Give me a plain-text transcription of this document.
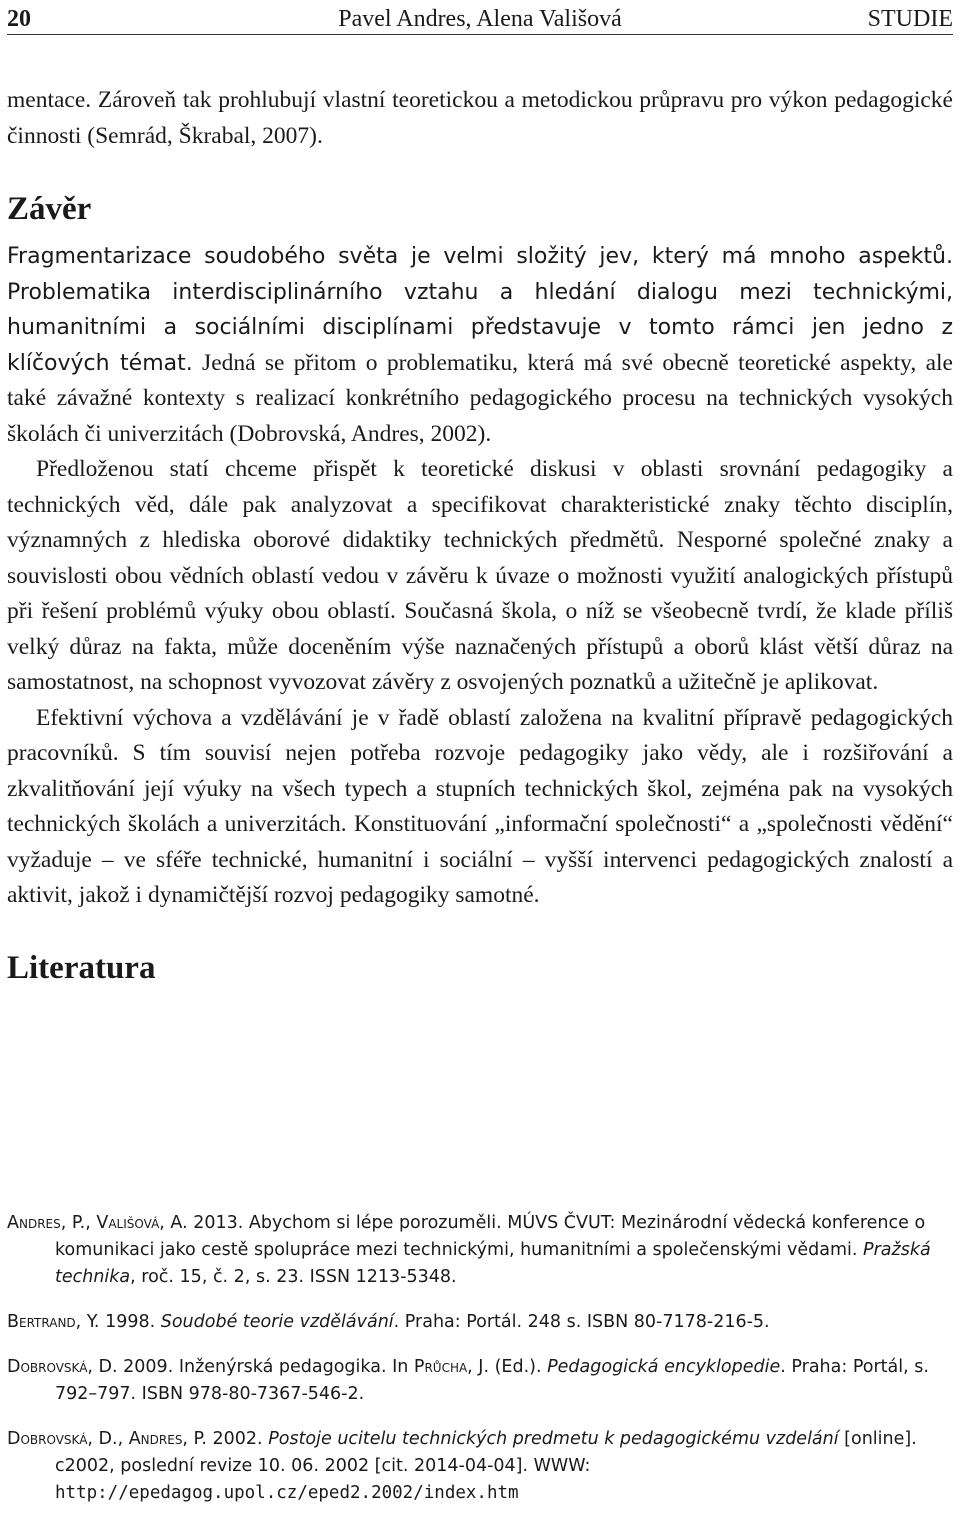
20	Pavel Andres, Alena Vališová	STUDIE

mentace. Zároveň tak prohlubují vlastní teoretickou a metodickou průpravu pro výkon pedagogické činnosti (Semrád, Škrabal, 2007).

Závěr

Fragmentarizace soudobého světa je velmi složitý jev, který má mnoho aspektů. Problematika interdisciplinárního vztahu a hledání dialogu mezi technickými, humanitními a sociálními disciplínami představuje v tomto rámci jen jedno z klíčových témat. Jedná se přitom o problematiku, která má své obecně teoretické aspekty, ale také závažné kontexty s realizací konkrétního pedagogického procesu na technických vysokých školách či univerzitách (Dobrovská, Andres, 2002).

Předloženou statí chceme přispět k teoretické diskusi v oblasti srovnání pedagogiky a technických věd, dále pak analyzovat a specifikovat charakteristické znaky těchto disciplín, významných z hlediska oborové didaktiky technických předmětů. Nesporné společné znaky a souvislosti obou vědních oblastí vedou v závěru k úvaze o možnosti využití analogických přístupů při řešení problémů výuky obou oblastí. Současná škola, o níž se všeobecně tvrdí, že klade příliš velký důraz na fakta, může doceněním výše naznačených přístupů a oborů klást větší důraz na samostatnost, na schopnost vyvozovat závěry z osvojených poznatků a užitečně je aplikovat.

Efektivní výchova a vzdělávání je v řadě oblastí založena na kvalitní přípravě pedagogických pracovníků. S tím souvisí nejen potřeba rozvoje pedagogiky jako vědy, ale i rozšiřování a zkvalitňování její výuky na všech typech a stupních technických škol, zejména pak na vysokých technických školách a univerzitách. Konstituování „informační společnosti“ a „společnosti vědění“ vyžaduje – ve sféře technické, humanitní i sociální – vyšší intervenci pedagogických znalostí a aktivit, jakož i dynamičtější rozvoj pedagogiky samotné.

Literatura

Andres, P., Vališová, A. 2013. Abychom si lépe porozuměli. MÚVS ČVUT: Mezinárodní vědecká konference o komunikaci jako cestě spolupráce mezi technickými, humanitními a společenskými vědami. Pražská technika, roč. 15, č. 2, s. 23. ISSN 1213-5348.

Bertrand, Y. 1998. Soudobé teorie vzdělávání. Praha: Portál. 248 s. ISBN 80-7178-216-5.

Dobrovská, D. 2009. Inženýrská pedagogika. In Průcha, J. (Ed.). Pedagogická encyklopedie. Praha: Portál, s. 792–797. ISBN 978-80-7367-546-2.

Dobrovská, D., Andres, P. 2002. Postoje ucitelu technických predmetu k pedagogickému vzdelání [online]. c2002, poslední revize 10. 06. 2002 [cit. 2014-04-04]. WWW: http://epedagog.upol.cz/eped2.2002/index.htm
